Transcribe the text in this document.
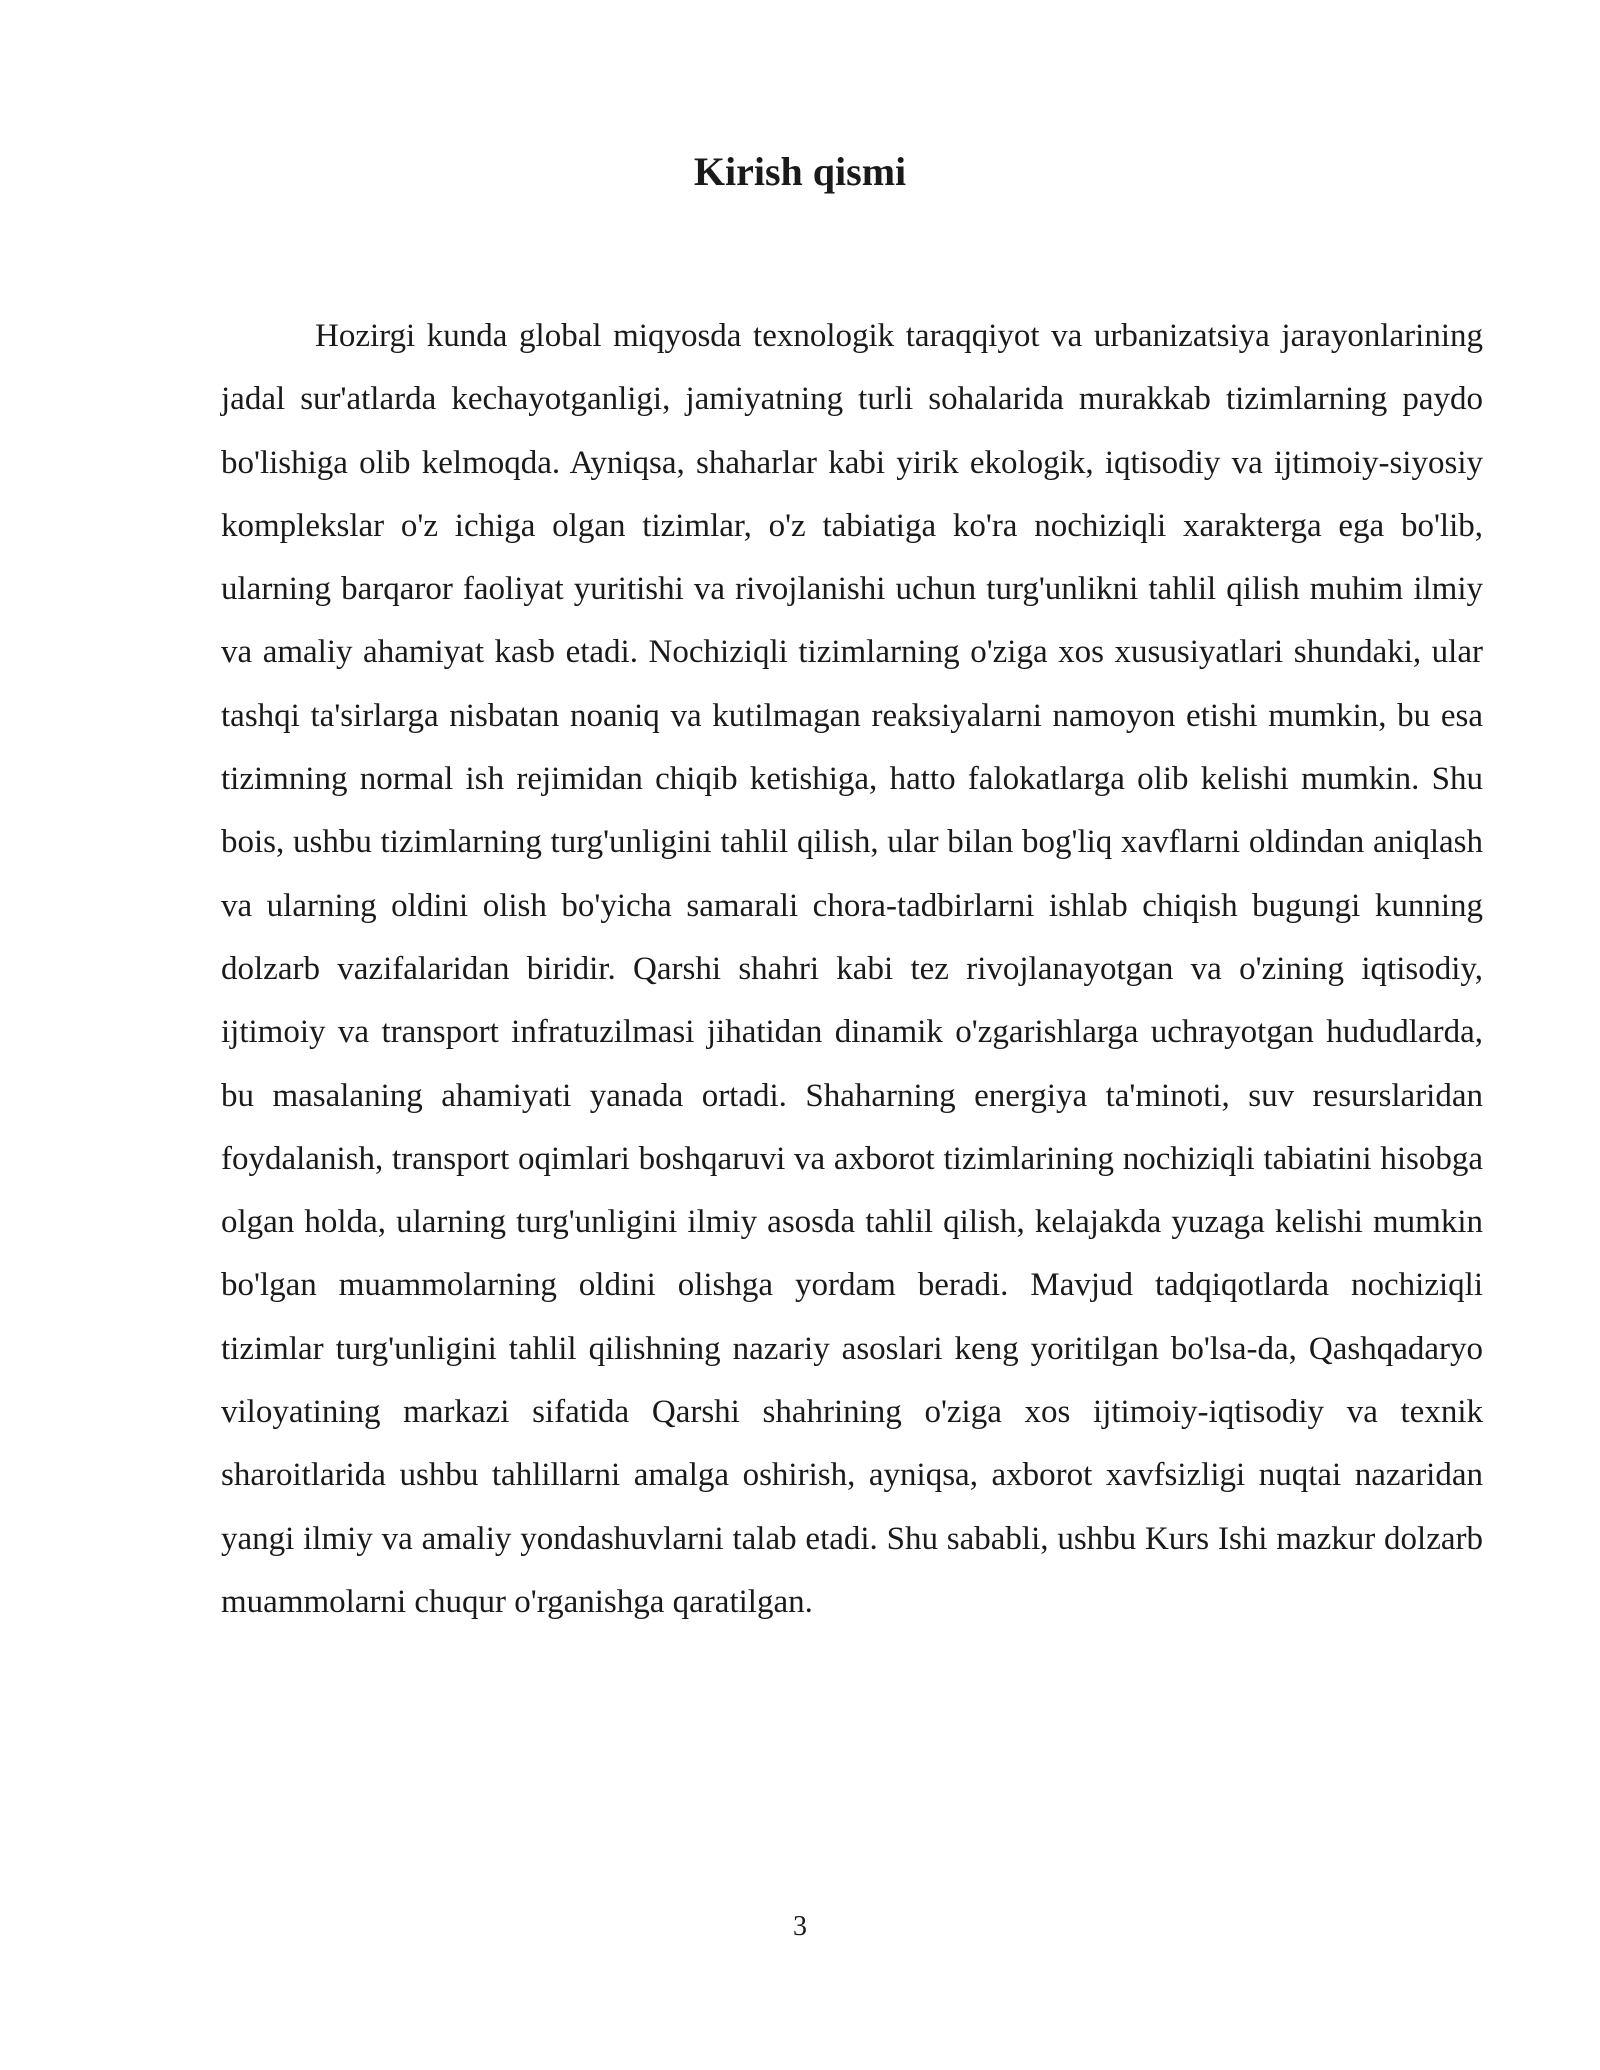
Kirish qismi

Hozirgi kunda global miqyosda texnologik taraqqiyot va urbanizatsiya jarayonlarining jadal sur'atlarda kechayotganligi, jamiyatning turli sohalarida murakkab tizimlarning paydo bo'lishiga olib kelmoqda. Ayniqsa, shaharlar kabi yirik ekologik, iqtisodiy va ijtimoiy-siyosiy komplekslar o'z ichiga olgan tizimlar, o'z tabiatiga ko'ra nochiziqli xarakterga ega bo'lib, ularning barqaror faoliyat yuritishi va rivojlanishi uchun turg'unlikni tahlil qilish muhim ilmiy va amaliy ahamiyat kasb etadi. Nochiziqli tizimlarning o'ziga xos xususiyatlari shundaki, ular tashqi ta'sirlarga nisbatan noaniq va kutilmagan reaksiyalarni namoyon etishi mumkin, bu esa tizimning normal ish rejimidan chiqib ketishiga, hatto falokatlarga olib kelishi mumkin. Shu bois, ushbu tizimlarning turg'unligini tahlil qilish, ular bilan bog'liq xavflarni oldindan aniqlash va ularning oldini olish bo'yicha samarali chora-tadbirlarni ishlab chiqish bugungi kunning dolzarb vazifalaridan biridir. Qarshi shahri kabi tez rivojlanayotgan va o'zining iqtisodiy, ijtimoiy va transport infratuzilmasi jihatidan dinamik o'zgarishlarga uchrayotgan hududlarda, bu masalaning ahamiyati yanada ortadi. Shaharning energiya ta'minoti, suv resurslaridan foydalanish, transport oqimlari boshqaruvi va axborot tizimlarining nochiziqli tabiatini hisobga olgan holda, ularning turg'unligini ilmiy asosda tahlil qilish, kelajakda yuzaga kelishi mumkin bo'lgan muammolarning oldini olishga yordam beradi. Mavjud tadqiqotlarda nochiziqli tizimlar turg'unligini tahlil qilishning nazariy asoslari keng yoritilgan bo'lsa-da, Qashqadaryo viloyatining markazi sifatida Qarshi shahrining o'ziga xos ijtimoiy-iqtisodiy va texnik sharoitlarida ushbu tahlillarni amalga oshirish, ayniqsa, axborot xavfsizligi nuqtai nazaridan yangi ilmiy va amaliy yondashuvlarni talab etadi. Shu sababli, ushbu Kurs Ishi mazkur dolzarb muammolarni chuqur o'rganishga qaratilgan.

3
